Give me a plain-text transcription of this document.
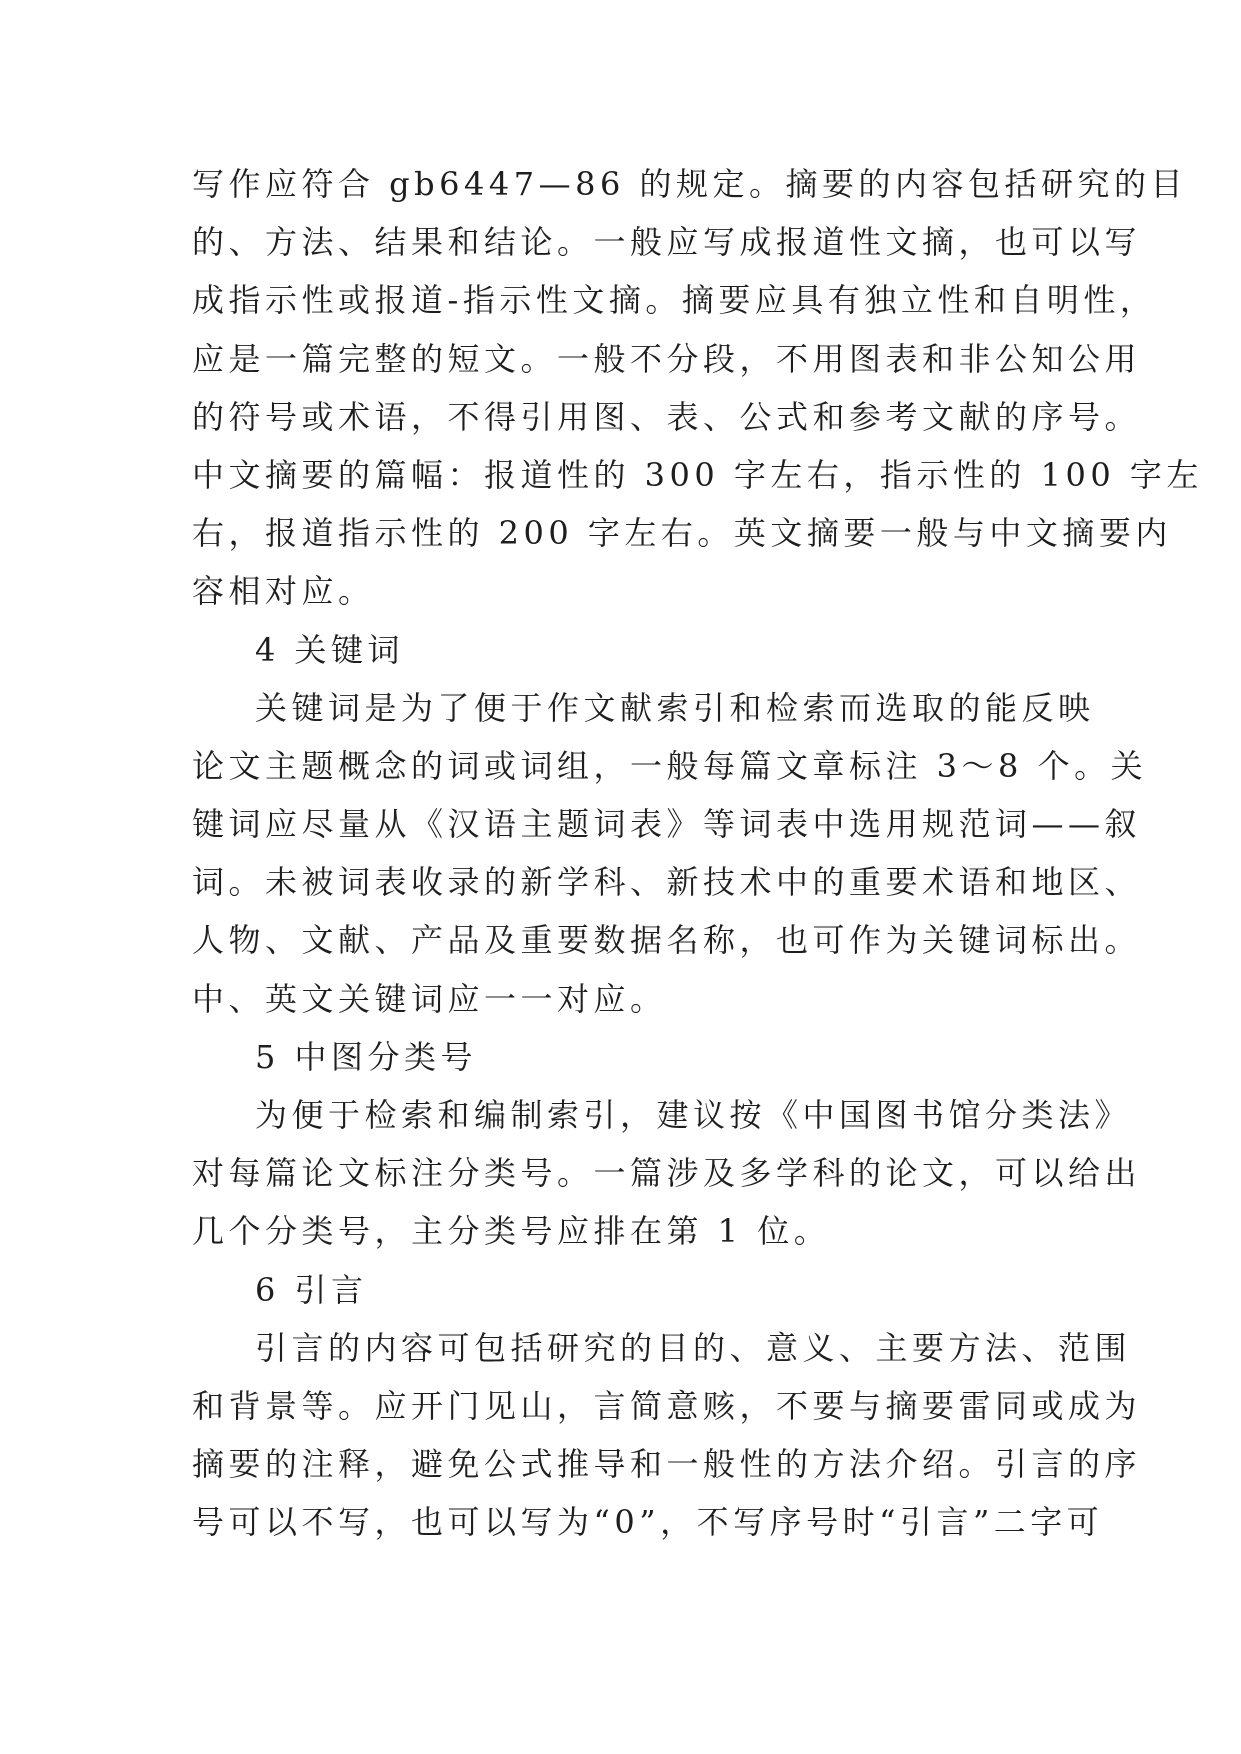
写作应符合 gb6447—86 的规定。摘要的内容包括研究的目
的、方法、结果和结论。一般应写成报道性文摘，也可以写
成指示性或报道-指示性文摘。摘要应具有独立性和自明性，
应是一篇完整的短文。一般不分段，不用图表和非公知公用
的符号或术语，不得引用图、表、公式和参考文献的序号。
中文摘要的篇幅：报道性的 300 字左右，指示性的 100 字左
右，报道指示性的 200 字左右。英文摘要一般与中文摘要内
容相对应。
4 关键词
关键词是为了便于作文献索引和检索而选取的能反映
论文主题概念的词或词组，一般每篇文章标注 3～8 个。关
键词应尽量从《汉语主题词表》等词表中选用规范词——叙
词。未被词表收录的新学科、新技术中的重要术语和地区、
人物、文献、产品及重要数据名称，也可作为关键词标出。
中、英文关键词应一一对应。
5 中图分类号
为便于检索和编制索引，建议按《中国图书馆分类法》
对每篇论文标注分类号。一篇涉及多学科的论文，可以给出
几个分类号，主分类号应排在第 1 位。
6 引言
引言的内容可包括研究的目的、意义、主要方法、范围
和背景等。应开门见山，言简意赅，不要与摘要雷同或成为
摘要的注释，避免公式推导和一般性的方法介绍。引言的序
号可以不写，也可以写为“0”，不写序号时“引言”二字可
